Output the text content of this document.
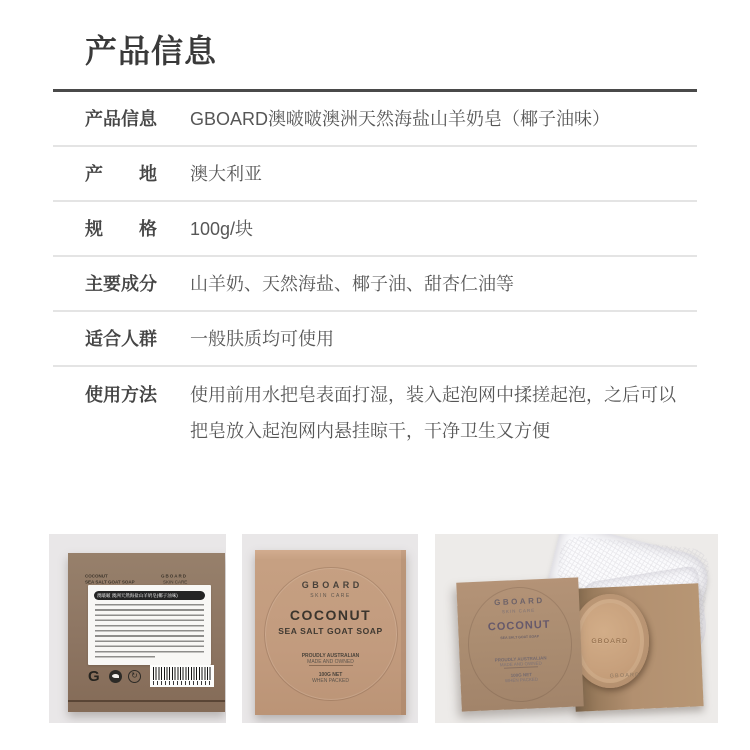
产品信息
产品信息 GBOARD澳啵啵澳洲天然海盐山羊奶皂（椰子油味）
产地 澳大利亚
规格 100g/块
主要成分 山羊奶、天然海盐、椰子油、甜杏仁油等
适合人群 一般肤质均可使用
使用方法 使用前用水把皂表面打湿，装入起泡网中揉搓起泡，之后可以把皂放入起泡网内悬挂晾干，干净卫生又方便
COCONUT
SEA SALT GOAT SOAP
GBOARD
SKIN CARE
澳啵啵 澳洲天然海盐山羊奶皂(椰子油味)
G	↻
GBOARD
SKIN CARE
COCONUT
SEA SALT GOAT SOAP
PROUDLY AUSTRALIAN
MADE AND OWNED
100G NET
WHEN PACKED
GBOARD
GBOARD
SKIN CARE
COCONUT
SEA SALT GOAT SOAP
PROUDLY AUSTRALIAN
MADE AND OWNED
100G NET
WHEN PACKED
GBOARD
